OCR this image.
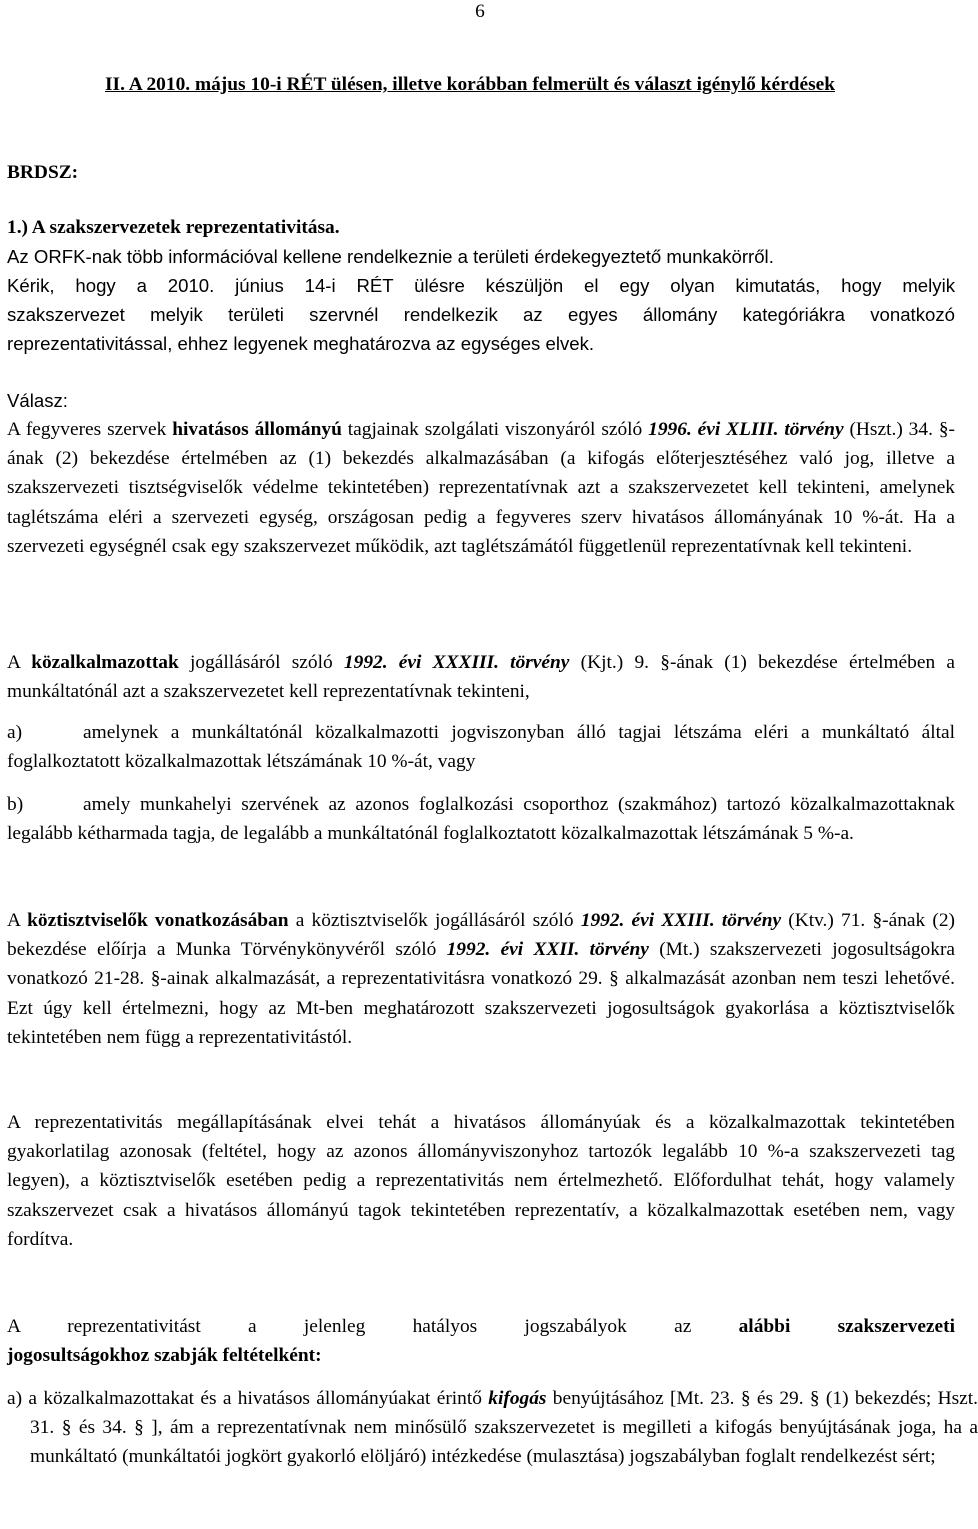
6
II. A 2010. május 10-i RÉT ülésen, illetve korábban felmerült és választ igénylő kérdések
BRDSZ:
1.) A szakszervezetek reprezentativitása.
Az ORFK-nak több információval kellene rendelkeznie a területi érdekegyeztető munkakörről.
Kérik, hogy a 2010. június 14-i RÉT ülésre készüljön el egy olyan kimutatás, hogy melyik
szakszervezet melyik területi szervnél rendelkezik az egyes állomány kategóriákra vonatkozó
reprezentativitással, ehhez legyenek meghatározva az egységes elvek.
Válasz:
A fegyveres szervek hivatásos állományú tagjainak szolgálati viszonyáról szóló 1996. évi XLIII. törvény (Hszt.) 34. §-ának (2) bekezdése értelmében az (1) bekezdés alkalmazásában (a kifogás előterjesztéséhez való jog, illetve a szakszervezeti tisztségviselők védelme tekintetében) reprezentatívnak azt a szakszervezetet kell tekinteni, amelynek taglétszáma eléri a szervezeti egység, országosan pedig a fegyveres szerv hivatásos állományának 10 %-át. Ha a szervezeti egységnél csak egy szakszervezet működik, azt taglétszámától függetlenül reprezentatívnak kell tekinteni.
A közalkalmazottak jogállásáról szóló 1992. évi XXXIII. törvény (Kjt.) 9. §-ának (1) bekezdése értelmében a munkáltatónál azt a szakszervezetet kell reprezentatívnak tekinteni,
a)	amelynek a munkáltatónál közalkalmazotti jogviszonyban álló tagjai létszáma eléri a munkáltató által foglalkoztatott közalkalmazottak létszámának 10 %-át, vagy
b)	amely munkahelyi szervének az azonos foglalkozási csoporthoz (szakmához) tartozó közalkalmazottaknak legalább kétharmada tagja, de legalább a munkáltatónál foglalkoztatott közalkalmazottak létszámának 5 %-a.
A köztisztviselők vonatkozásában a köztisztviselők jogállásáról szóló 1992. évi XXIII. törvény (Ktv.) 71. §-ának (2) bekezdése előírja a Munka Törvénykönyvéről szóló 1992. évi XXII. törvény (Mt.) szakszervezeti jogosultságokra vonatkozó 21-28. §-ainak alkalmazását, a reprezentativitásra vonatkozó 29. § alkalmazását azonban nem teszi lehetővé. Ezt úgy kell értelmezni, hogy az Mt-ben meghatározott szakszervezeti jogosultságok gyakorlása a köztisztviselők tekintetében nem függ a reprezentativitástól.
A reprezentativitás megállapításának elvei tehát a hivatásos állományúak és a közalkalmazottak tekintetében gyakorlatilag azonosak (feltétel, hogy az azonos állományviszonyhoz tartozók legalább 10 %-a szakszervezeti tag legyen), a köztisztviselők esetében pedig a reprezentativitás nem értelmezhető. Előfordulhat tehát, hogy valamely szakszervezet csak a hivatásos állományú tagok tekintetében reprezentatív, a közalkalmazottak esetében nem, vagy fordítva.
A reprezentativitást a jelenleg hatályos jogszabályok az alábbi szakszervezeti
jogosultságokhoz szabják feltételként:
a) a közalkalmazottakat és a hivatásos állományúakat érintő kifogás benyújtásához [Mt. 23. § és 29. § (1) bekezdés; Hszt. 31. § és 34. § ], ám a reprezentatívnak nem minősülő szakszervezetet is megilleti a kifogás benyújtásának joga, ha a munkáltató (munkáltatói jogkört gyakorló elöljáró) intézkedése (mulasztása) jogszabályban foglalt rendelkezést sért;
